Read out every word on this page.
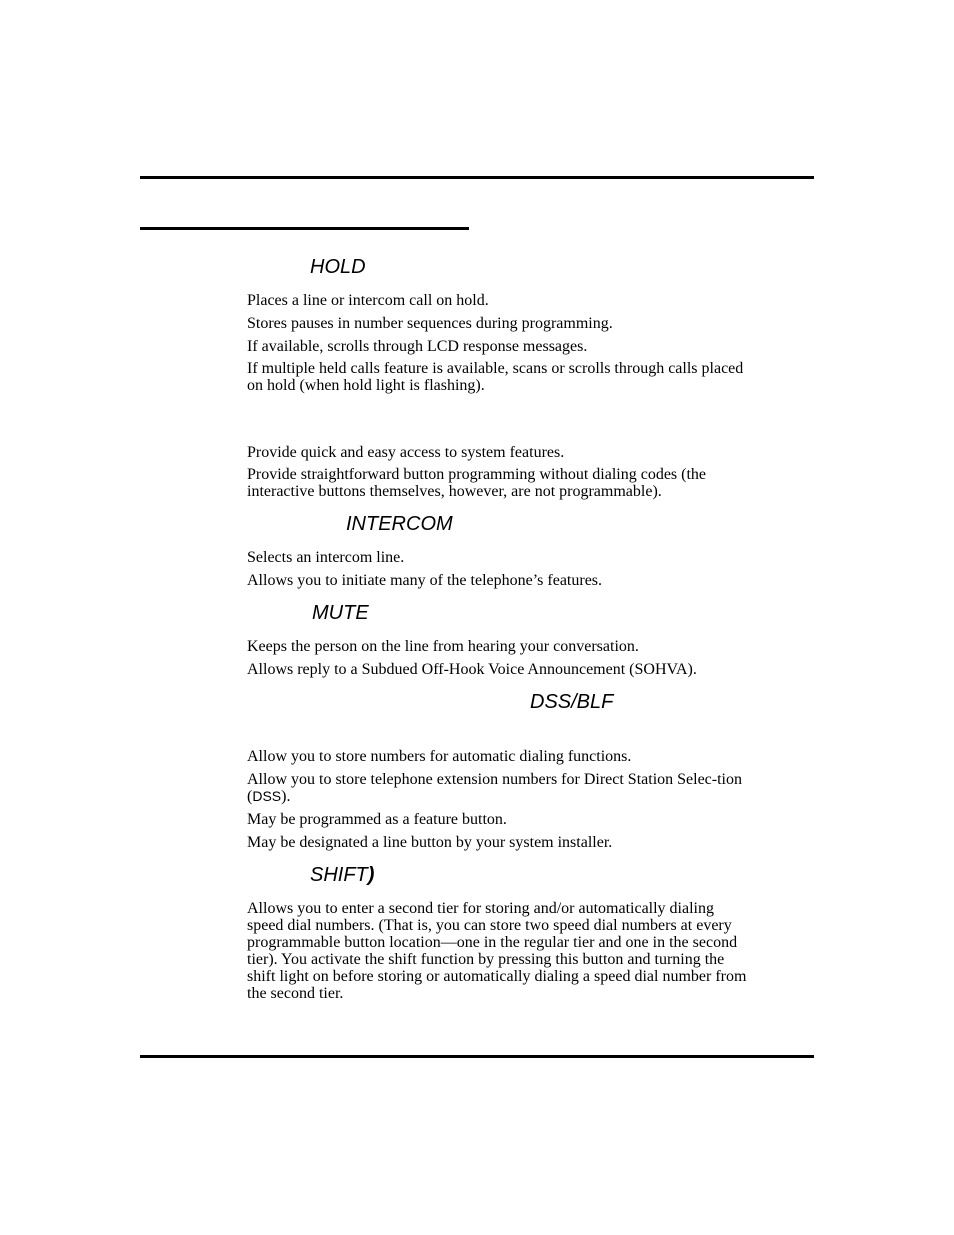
HOLD

Places a line or intercom call on hold.

Stores pauses in number sequences during programming.

If available, scrolls through LCD response messages.

If multiple held calls feature is available, scans or scrolls through calls placed on hold (when hold light is flashing).

Provide quick and easy access to system features.

Provide straightforward button programming without dialing codes (the interactive buttons themselves, however, are not programmable).

INTERCOM

Selects an intercom line.

Allows you to initiate many of the telephone’s features.

MUTE

Keeps the person on the line from hearing your conversation.

Allows reply to a Subdued Off-Hook Voice Announcement (SOHVA).

DSS/BLF

Allow you to store numbers for automatic dialing functions.

Allow you to store telephone extension numbers for Direct Station Selec-tion (DSS).

May be programmed as a feature button.

May be designated a line button by your system installer.

SHIFT)

Allows you to enter a second tier for storing and/or automatically dialing speed dial numbers. (That is, you can store two speed dial numbers at every programmable button location—one in the regular tier and one in the second tier). You activate the shift function by pressing this button and turning the shift light on before storing or automatically dialing a speed dial number from the second tier.
